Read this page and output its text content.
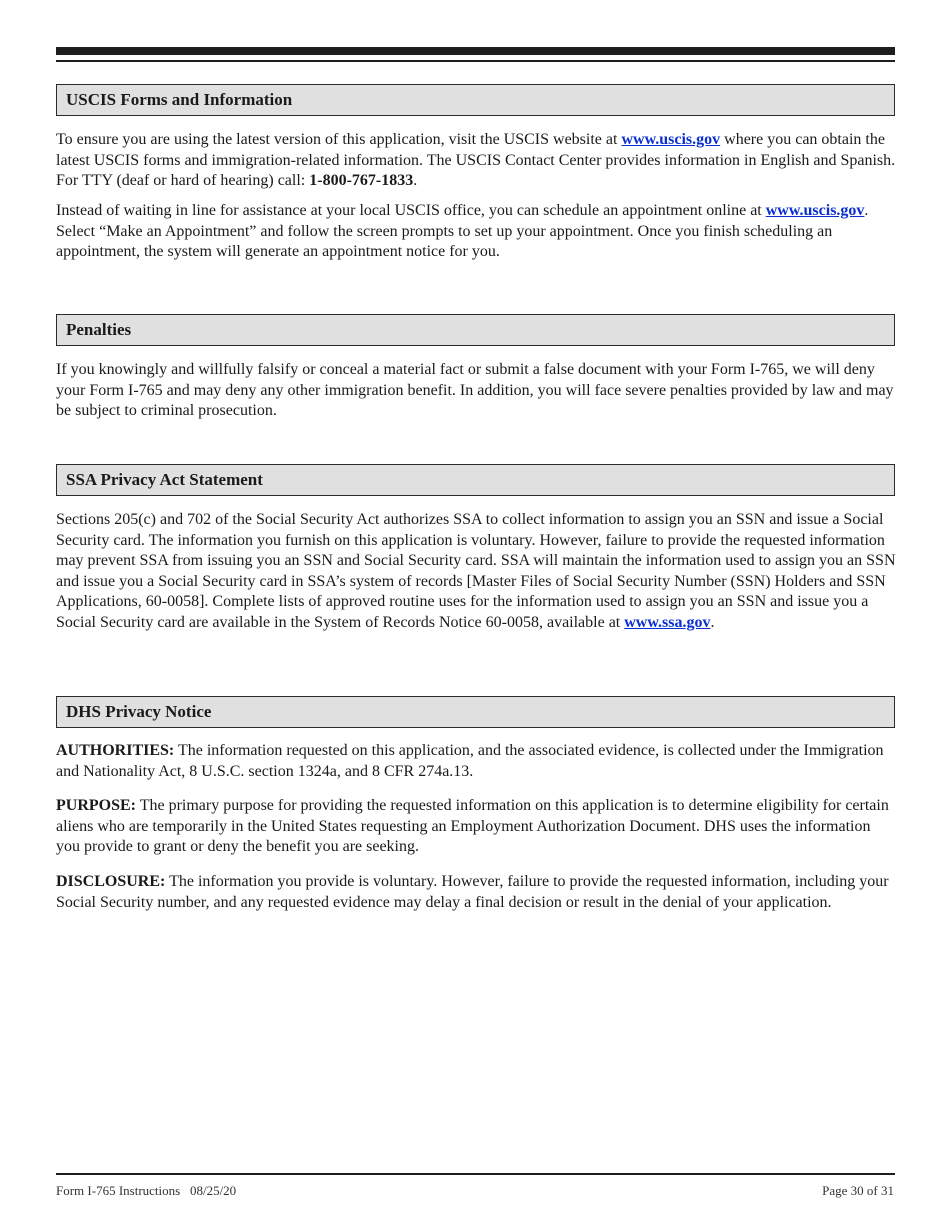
USCIS Forms and Information

To ensure you are using the latest version of this application, visit the USCIS website at www.uscis.gov where you can obtain the latest USCIS forms and immigration-related information. The USCIS Contact Center provides information in English and Spanish. For TTY (deaf or hard of hearing) call: 1-800-767-1833.

Instead of waiting in line for assistance at your local USCIS office, you can schedule an appointment online at www.uscis.gov. Select “Make an Appointment” and follow the screen prompts to set up your appointment. Once you finish scheduling an appointment, the system will generate an appointment notice for you.

Penalties

If you knowingly and willfully falsify or conceal a material fact or submit a false document with your Form I-765, we will deny your Form I-765 and may deny any other immigration benefit. In addition, you will face severe penalties provided by law and may be subject to criminal prosecution.

SSA Privacy Act Statement

Sections 205(c) and 702 of the Social Security Act authorizes SSA to collect information to assign you an SSN and issue a Social Security card. The information you furnish on this application is voluntary. However, failure to provide the requested information may prevent SSA from issuing you an SSN and Social Security card. SSA will maintain the information used to assign you an SSN and issue you a Social Security card in SSA’s system of records [Master Files of Social Security Number (SSN) Holders and SSN Applications, 60-0058]. Complete lists of approved routine uses for the information used to assign you an SSN and issue you a Social Security card are available in the System of Records Notice 60-0058, available at www.ssa.gov.

DHS Privacy Notice

AUTHORITIES: The information requested on this application, and the associated evidence, is collected under the Immigration and Nationality Act, 8 U.S.C. section 1324a, and 8 CFR 274a.13.

PURPOSE: The primary purpose for providing the requested information on this application is to determine eligibility for certain aliens who are temporarily in the United States requesting an Employment Authorization Document. DHS uses the information you provide to grant or deny the benefit you are seeking.

DISCLOSURE: The information you provide is voluntary. However, failure to provide the requested information, including your Social Security number, and any requested evidence may delay a final decision or result in the denial of your application.

Form I-765 Instructions   08/25/20	Page 30 of 31
